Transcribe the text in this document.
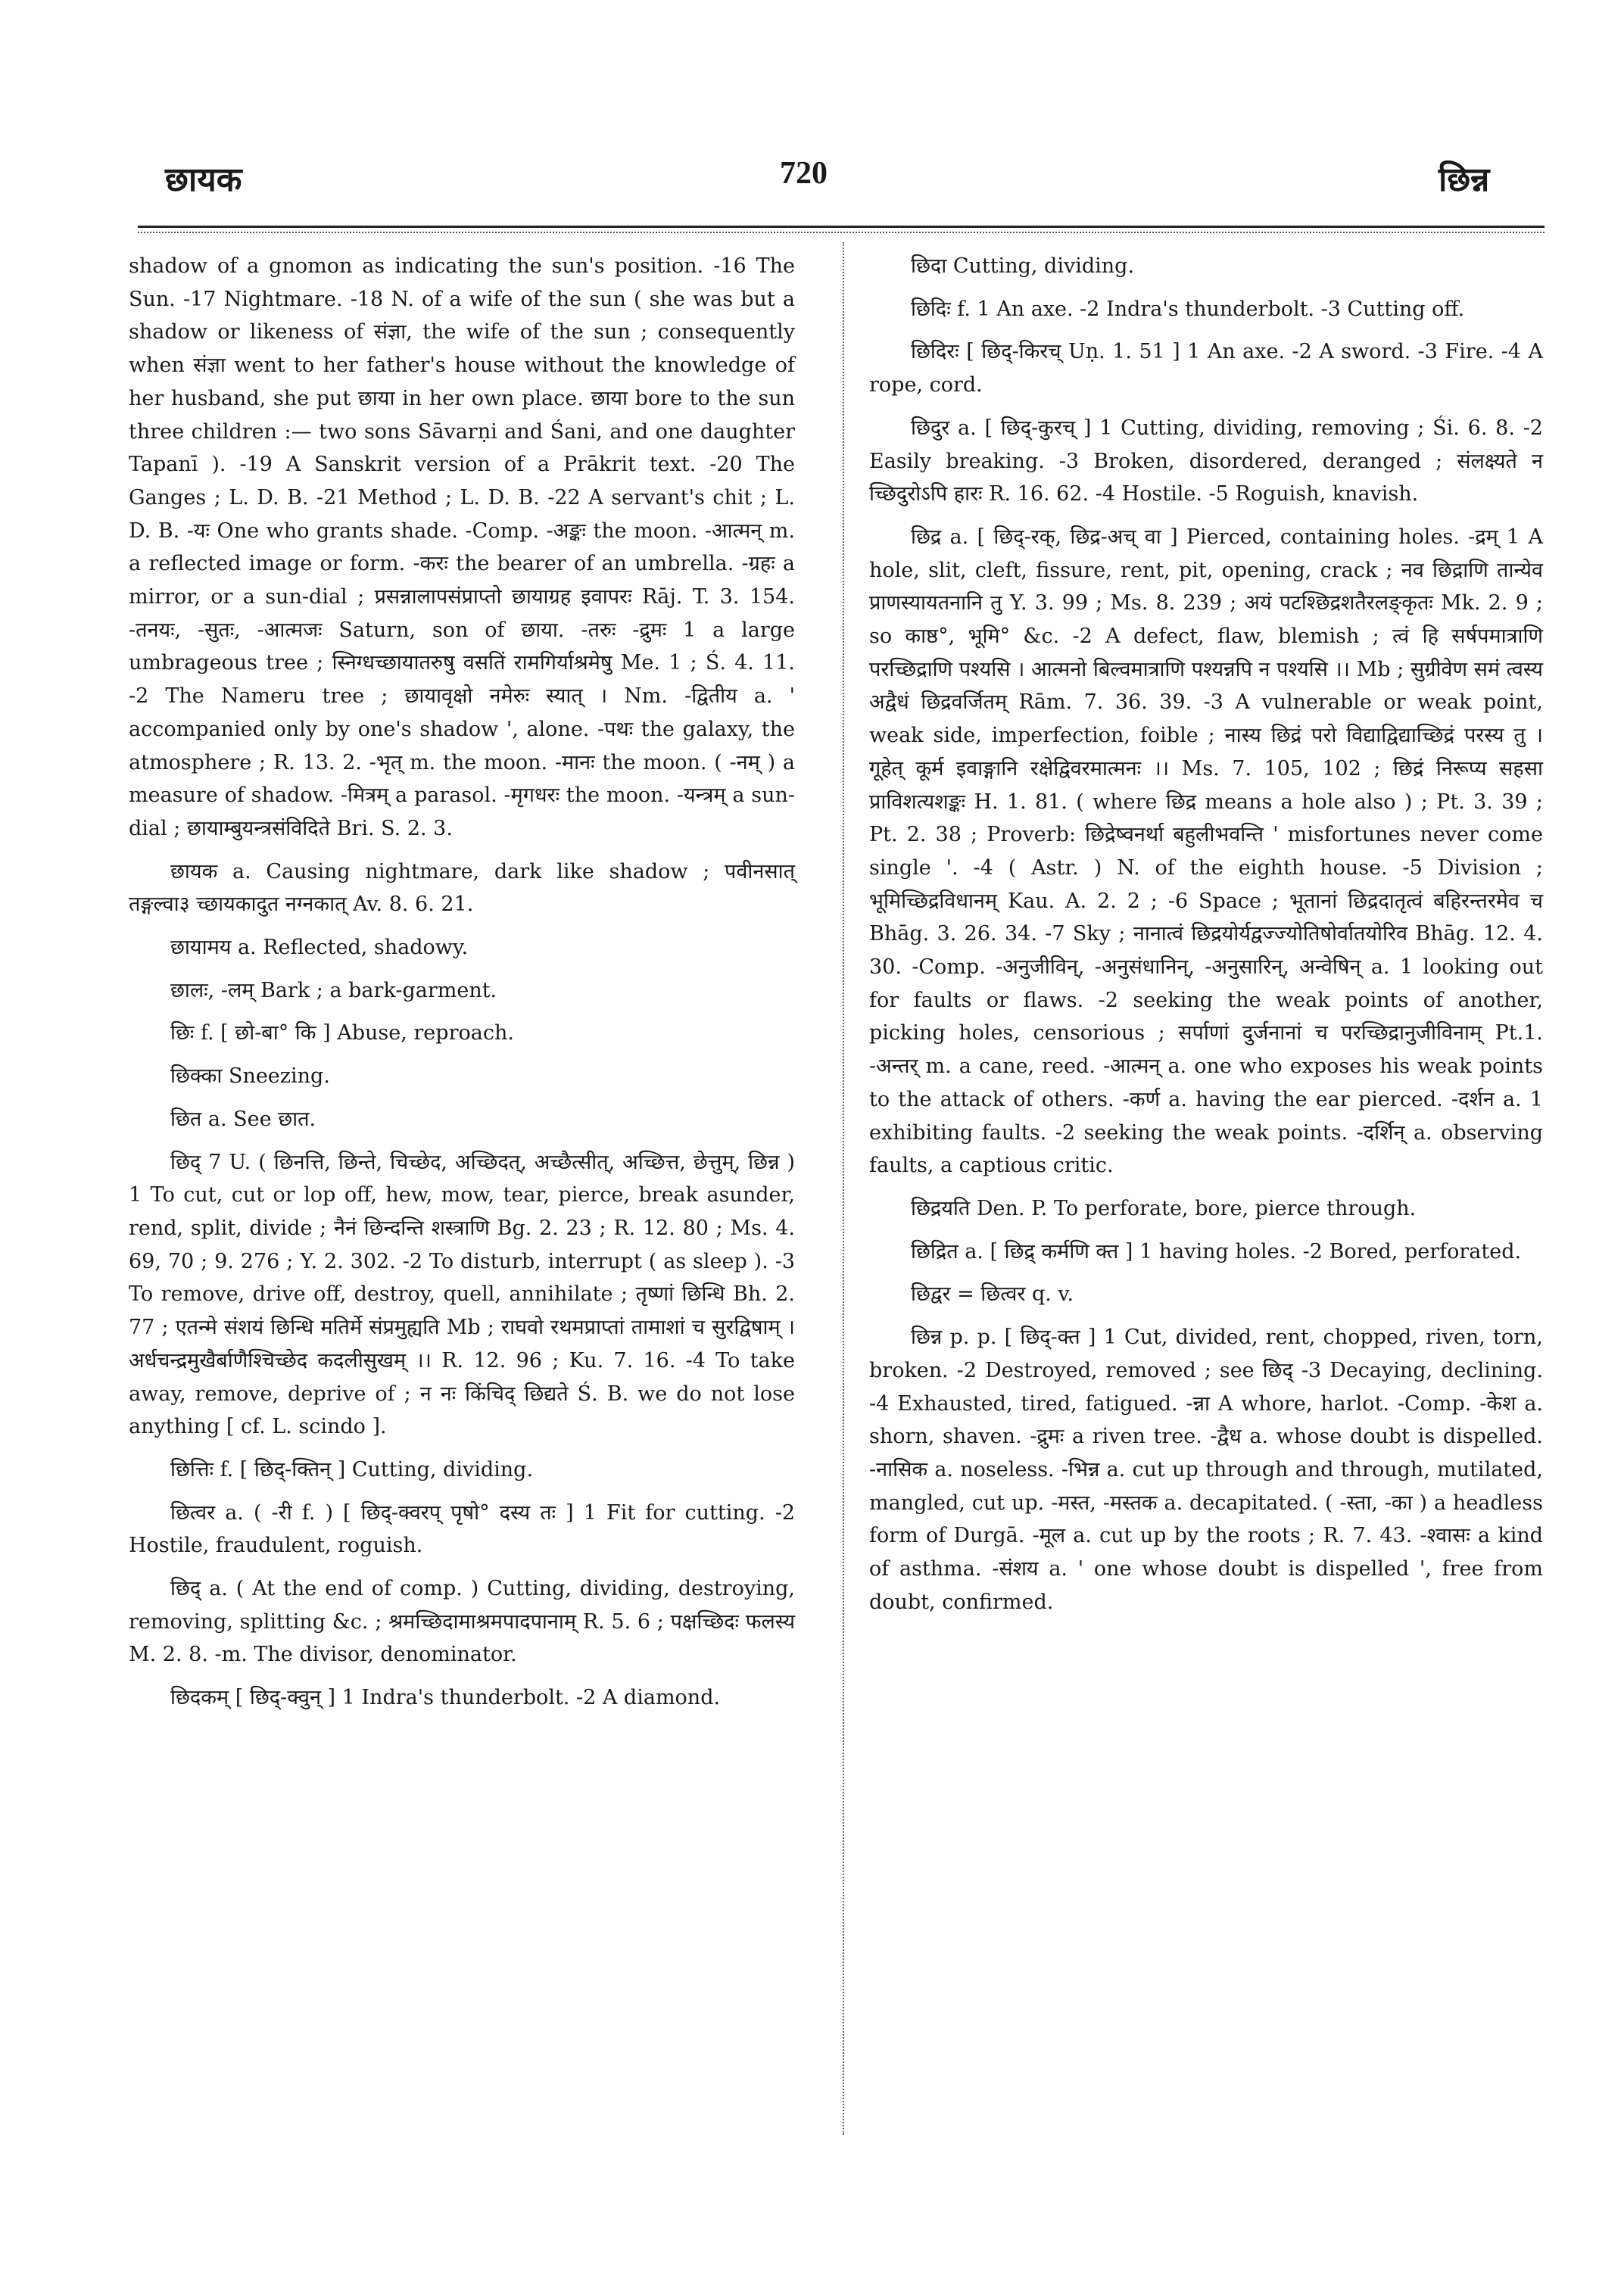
छायक	720	छिन्न

shadow of a gnomon as indicating the sun's position. -16 The Sun. -17 Nightmare. -18 N. of a wife of the sun ( she was but a shadow or likeness of संज्ञा, the wife of the sun ; consequently when संज्ञा went to her father's house without the knowledge of her husband, she put छाया in her own place. छाया bore to the sun three children :— two sons Sāvarṇi and Śani, and one daughter Tapanī ). -19 A Sanskrit version of a Prākrit text. -20 The Ganges ; L. D. B. -21 Method ; L. D. B. -22 A servant's chit ; L. D. B. -यः One who grants shade. -Comp. -अङ्कः the moon. -आत्मन् m. a reflected image or form. -करः the bearer of an umbrella. -ग्रहः a mirror, or a sun-dial ; प्रसन्नालापसंप्राप्तो छायाग्रह इवापरः Rāj. T. 3. 154. -तनयः, -सुतः, -आत्मजः Saturn, son of छाया. -तरुः -द्रुमः 1 a large umbrageous tree ; स्निग्धच्छायातरुषु वसतिं रामगिर्याश्रमेषु Me. 1 ; Ś. 4. 11. -2 The Nameru tree ; छायावृक्षो नमेरुः स्यात् । Nm. -द्वितीय a. ' accompanied only by one's shadow ', alone. -पथः the galaxy, the atmosphere ; R. 13. 2. -भृत् m. the moon. -मानः the moon. ( -नम् ) a measure of shadow. -मित्रम् a parasol. -मृगधरः the moon. -यन्त्रम् a sun-dial ; छायाम्बुयन्त्रसंविदिते Bri. S. 2. 3.

छायक a. Causing nightmare, dark like shadow ; पवीनसात् तङ्गल्वा३ च्छायकादुत नग्नकात् Av. 8. 6. 21.

छायामय a. Reflected, shadowy.

छालः, -लम् Bark ; a bark-garment.

छिः f. [ छो-बा° कि ] Abuse, reproach.

छिक्का Sneezing.

छित a. See छात.

छिद् 7 U. ( छिनत्ति, छिन्ते, चिच्छेद, अच्छिदत्, अच्छैत्सीत्, अच्छित्त, छेत्तुम्, छिन्न ) 1 To cut, cut or lop off, hew, mow, tear, pierce, break asunder, rend, split, divide ; नैनं छिन्दन्ति शस्त्राणि Bg. 2. 23 ; R. 12. 80 ; Ms. 4. 69, 70 ; 9. 276 ; Y. 2. 302. -2 To disturb, interrupt ( as sleep ). -3 To remove, drive off, destroy, quell, annihilate ; तृष्णां छिन्धि Bh. 2. 77 ; एतन्मे संशयं छिन्धि मतिर्मे संप्रमुह्यति Mb ; राघवो रथमप्राप्तां तामाशां च सुरद्विषाम् । अर्धचन्द्रमुखैर्बाणैश्चिच्छेद कदलीसुखम् ।। R. 12. 96 ; Ku. 7. 16. -4 To take away, remove, deprive of ; न नः किंचिद् छिद्यते Ś. B. we do not lose anything [ cf. L. scindo ].

छित्तिः f. [ छिद्-क्तिन् ] Cutting, dividing.

छित्वर a. ( -री f. ) [ छिद्-क्वरप् पृषो° दस्य तः ] 1 Fit for cutting. -2 Hostile, fraudulent, roguish.

छिद् a. ( At the end of comp. ) Cutting, dividing, destroying, removing, splitting &c. ; श्रमच्छिदामाश्रमपादपानाम् R. 5. 6 ; पक्षच्छिदः फलस्य M. 2. 8. -m. The divisor, denominator.

छिदकम् [ छिद्-क्वुन् ] 1 Indra's thunderbolt. -2 A diamond.

छिदा Cutting, dividing.

छिदिः f. 1 An axe. -2 Indra's thunderbolt. -3 Cutting off.

छिदिरः [ छिद्-किरच् Uṇ. 1. 51 ] 1 An axe. -2 A sword. -3 Fire. -4 A rope, cord.

छिदुर a. [ छिद्-कुरच् ] 1 Cutting, dividing, removing ; Śi. 6. 8. -2 Easily breaking. -3 Broken, disordered, deranged ; संलक्ष्यते न च्छिदुरोऽपि हारः R. 16. 62. -4 Hostile. -5 Roguish, knavish.

छिद्र a. [ छिद्-रक्, छिद्र-अच् वा ] Pierced, containing holes. -द्रम् 1 A hole, slit, cleft, fissure, rent, pit, opening, crack ; नव छिद्राणि तान्येव प्राणस्यायतनानि तु Y. 3. 99 ; Ms. 8. 239 ; अयं पटश्छिद्रशतैरलङ्कृतः Mk. 2. 9 ; so काष्ठ°, भूमि° &c. -2 A defect, flaw, blemish ; त्वं हि सर्षपमात्राणि परच्छिद्राणि पश्यसि । आत्मनो बिल्वमात्राणि पश्यन्नपि न पश्यसि ।। Mb ; सुग्रीवेण समं त्वस्य अद्वैधं छिद्रवर्जितम् Rām. 7. 36. 39. -3 A vulnerable or weak point, weak side, imperfection, foible ; नास्य छिद्रं परो विद्याद्विद्याच्छिद्रं परस्य तु । गूहेत् कूर्म इवाङ्गानि रक्षेद्विवरमात्मनः ।। Ms. 7. 105, 102 ; छिद्रं निरूप्य सहसा प्राविशत्यशङ्कः H. 1. 81. ( where छिद्र means a hole also ) ; Pt. 3. 39 ; Pt. 2. 38 ; Proverb: छिद्रेष्वनर्था बहुलीभवन्ति ' misfortunes never come single '. -4 ( Astr. ) N. of the eighth house. -5 Division ; भूमिच्छिद्रविधानम् Kau. A. 2. 2 ; -6 Space ; भूतानां छिद्रदातृत्वं बहिरन्तरमेव च Bhāg. 3. 26. 34. -7 Sky ; नानात्वं छिद्रयोर्यद्वज्ज्योतिषोर्वातयोरिव Bhāg. 12. 4. 30. -Comp. -अनुजीविन्, -अनुसंधानिन्, -अनुसारिन्, अन्वेषिन् a. 1 looking out for faults or flaws. -2 seeking the weak points of another, picking holes, censorious ; सर्पाणां दुर्जनानां च परच्छिद्रानुजीविनाम् Pt.1. -अन्तर् m. a cane, reed. -आत्मन् a. one who exposes his weak points to the attack of others. -कर्ण a. having the ear pierced. -दर्शन a. 1 exhibiting faults. -2 seeking the weak points. -दर्शिन् a. observing faults, a captious critic.

छिद्रयति Den. P. To perforate, bore, pierce through.

छिद्रित a. [ छिद्र् कर्मणि क्त ] 1 having holes. -2 Bored, perforated.

छिद्वर = छित्वर q. v.

छिन्न p. p. [ छिद्-क्त ] 1 Cut, divided, rent, chopped, riven, torn, broken. -2 Destroyed, removed ; see छिद् -3 Decaying, declining. -4 Exhausted, tired, fatigued. -न्ना A whore, harlot. -Comp. -केश a. shorn, shaven. -द्रुमः a riven tree. -द्वैध a. whose doubt is dispelled. -नासिक a. noseless. -भिन्न a. cut up through and through, mutilated, mangled, cut up. -मस्त, -मस्तक a. decapitated. ( -स्ता, -का ) a headless form of Durgā. -मूल a. cut up by the roots ; R. 7. 43. -श्वासः a kind of asthma. -संशय a. ' one whose doubt is dispelled ', free from doubt, confirmed.
